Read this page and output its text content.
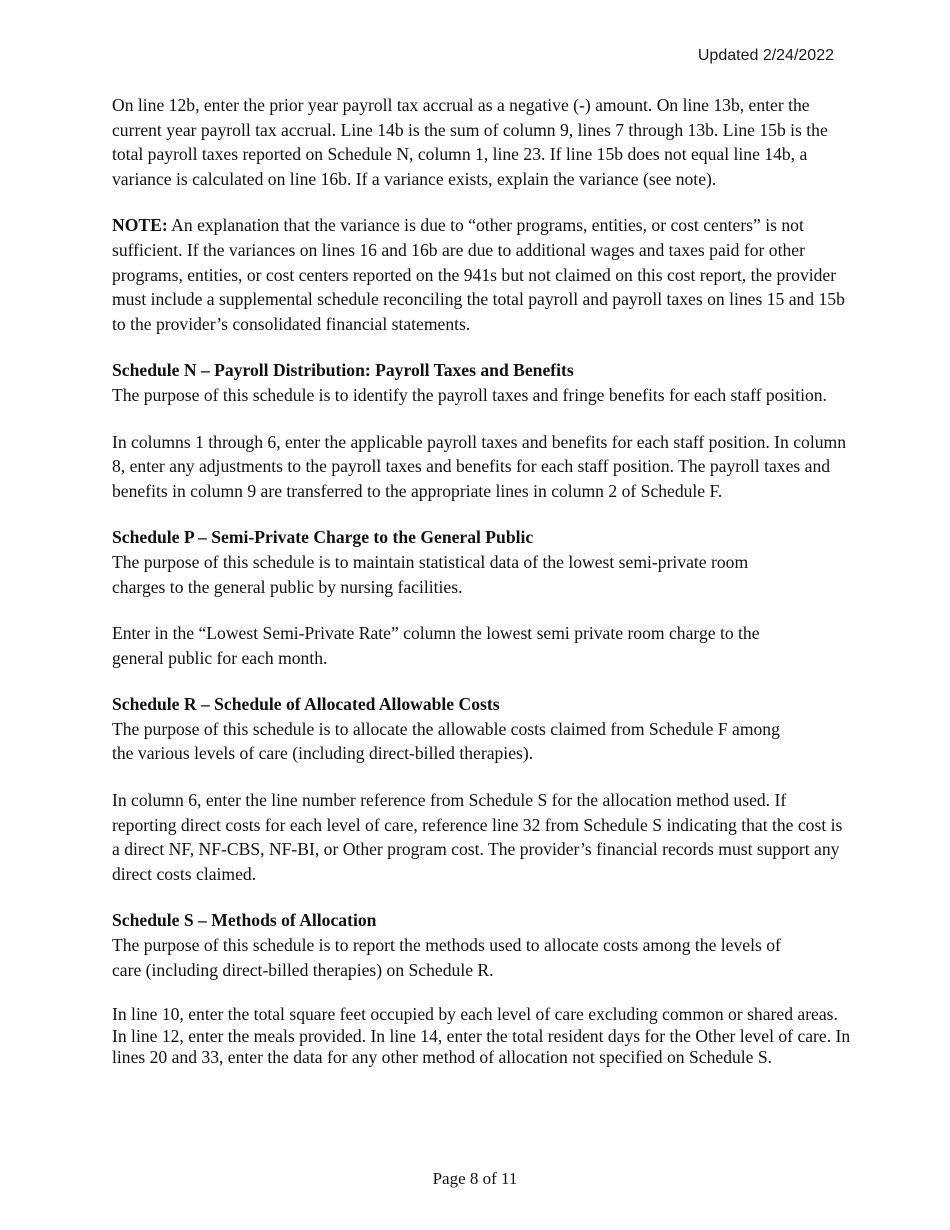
Updated 2/24/2022

On line 12b, enter the prior year payroll tax accrual as a negative (-) amount. On line 13b, enter the current year payroll tax accrual. Line 14b is the sum of column 9, lines 7 through 13b. Line 15b is the total payroll taxes reported on Schedule N, column 1, line 23. If line 15b does not equal line 14b, a variance is calculated on line 16b. If a variance exists, explain the variance (see note).

NOTE: An explanation that the variance is due to “other programs, entities, or cost centers” is not sufficient. If the variances on lines 16 and 16b are due to additional wages and taxes paid for other programs, entities, or cost centers reported on the 941s but not claimed on this cost report, the provider must include a supplemental schedule reconciling the total payroll and payroll taxes on lines 15 and 15b to the provider’s consolidated financial statements.

Schedule N – Payroll Distribution: Payroll Taxes and Benefits

The purpose of this schedule is to identify the payroll taxes and fringe benefits for each staff position.

In columns 1 through 6, enter the applicable payroll taxes and benefits for each staff position. In column 8, enter any adjustments to the payroll taxes and benefits for each staff position. The payroll taxes and benefits in column 9 are transferred to the appropriate lines in column 2 of Schedule F.

Schedule P – Semi-Private Charge to the General Public

The purpose of this schedule is to maintain statistical data of the lowest semi-private room charges to the general public by nursing facilities.

Enter in the “Lowest Semi-Private Rate” column the lowest semi private room charge to the general public for each month.

Schedule R – Schedule of Allocated Allowable Costs

The purpose of this schedule is to allocate the allowable costs claimed from Schedule F among the various levels of care (including direct-billed therapies).

In column 6, enter the line number reference from Schedule S for the allocation method used. If reporting direct costs for each level of care, reference line 32 from Schedule S indicating that the cost is a direct NF, NF-CBS, NF-BI, or Other program cost. The provider’s financial records must support any direct costs claimed.

Schedule S – Methods of Allocation

The purpose of this schedule is to report the methods used to allocate costs among the levels of care (including direct-billed therapies) on Schedule R.

In line 10, enter the total square feet occupied by each level of care excluding common or shared areas. In line 12, enter the meals provided. In line 14, enter the total resident days for the Other level of care. In lines 20 and 33, enter the data for any other method of allocation not specified on Schedule S.

Page 8 of 11
